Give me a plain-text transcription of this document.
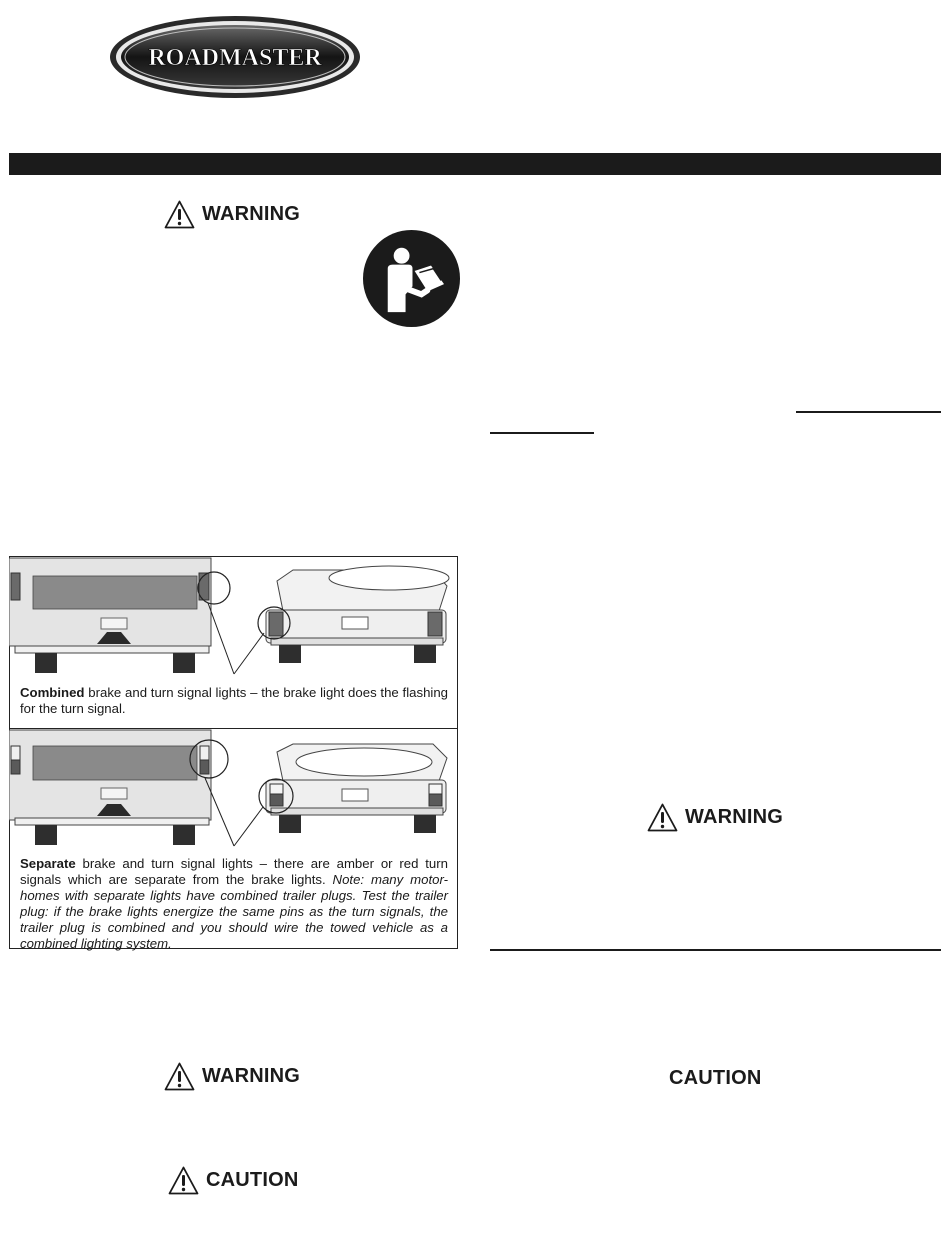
ROADMASTER
WARNING
Combined brake and turn signal lights – the brake light does the flashing for the turn signal.
Separate brake and turn signal lights – there are amber or red turn signals which are separate from the brake lights. Note: many motor-homes with separate lights have combined trailer plugs. Test the trailer plug: if the brake lights energize the same pins as the turn signals, the trailer plug is combined and you should wire the towed vehicle as a combined lighting system.
WARNING
WARNING	CAUTION
CAUTION
